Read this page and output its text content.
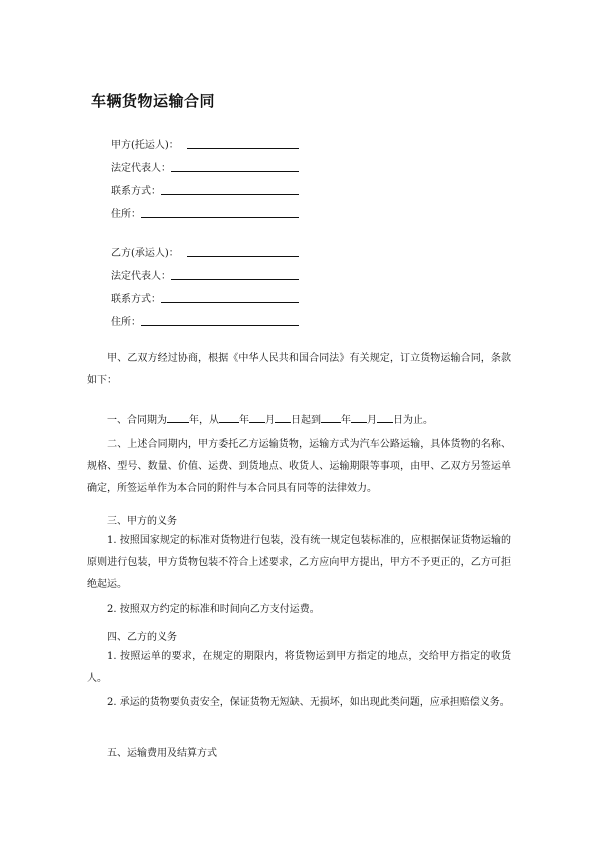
车辆货物运输合同
甲方(托运人)：
法定代表人：
联系方式：
住所：
乙方(承运人)：
法定代表人：
联系方式：
住所：
甲、乙双方经过协商，根据《中华人民共和国合同法》有关规定，订立货物运输合同，条款如下：
一、合同期为 年，从 年 月 日起到 年 月 日为止。
二、上述合同期内，甲方委托乙方运输货物，运输方式为汽车公路运输，具体货物的名称、规格、型号、数量、价值、运费、到货地点、收货人、运输期限等事项，由甲、乙双方另签运单确定，所签运单作为本合同的附件与本合同具有同等的法律效力。
三、甲方的义务
1. 按照国家规定的标准对货物进行包装，没有统一规定包装标准的，应根据保证货物运输的原则进行包装，甲方货物包装不符合上述要求，乙方应向甲方提出，甲方不予更正的，乙方可拒绝起运。
2. 按照双方约定的标准和时间向乙方支付运费。
四、乙方的义务
1. 按照运单的要求，在规定的期限内，将货物运到甲方指定的地点，交给甲方指定的收货人。
2. 承运的货物要负责安全，保证货物无短缺、无损坏，如出现此类问题，应承担赔偿义务。
五、运输费用及结算方式
